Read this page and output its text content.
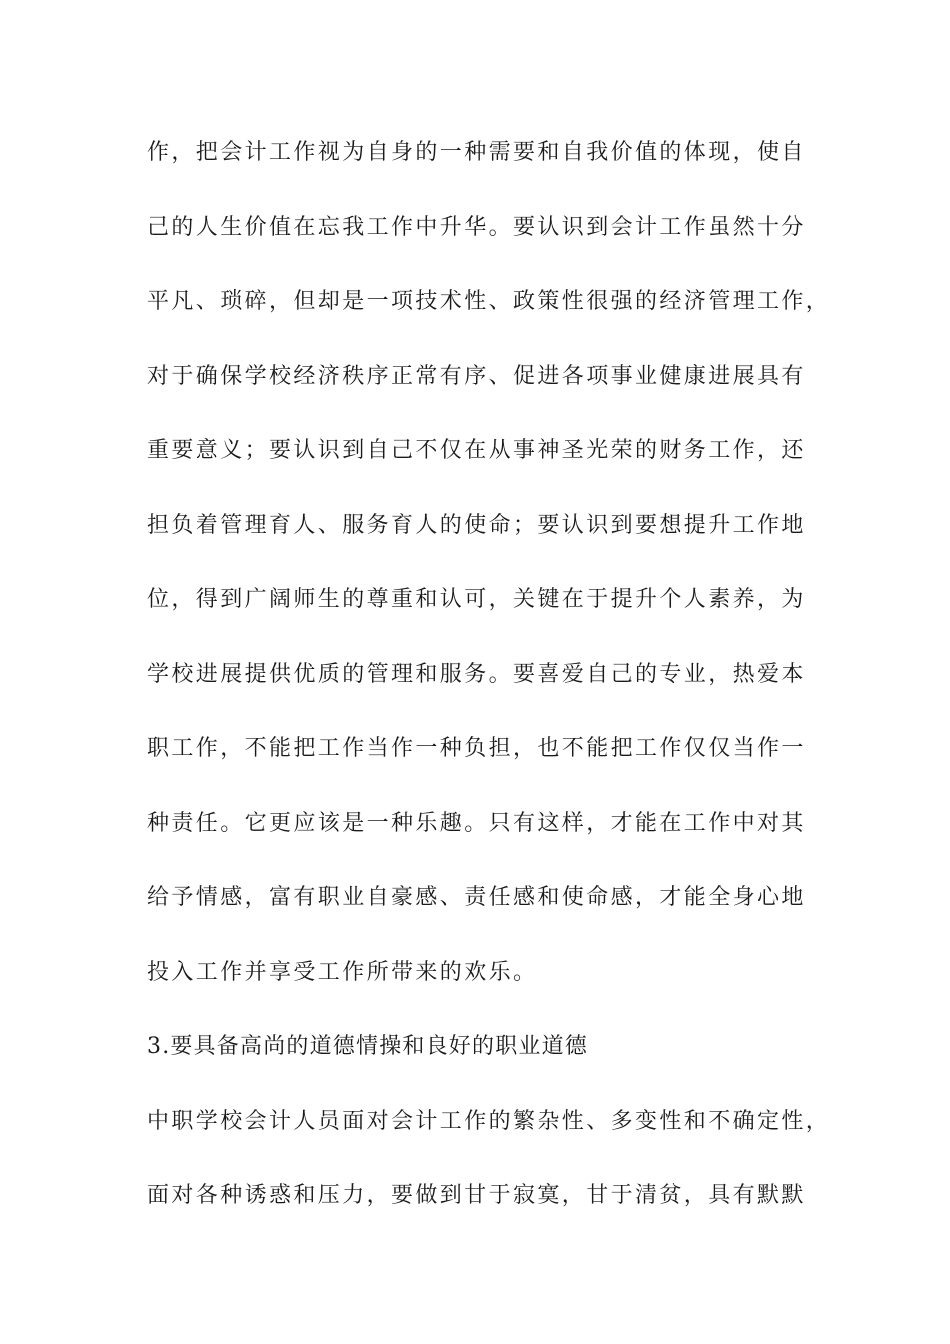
作，把会计工作视为自身的一种需要和自我价值的体现，使自
己的人生价值在忘我工作中升华。要认识到会计工作虽然十分
平凡、琐碎，但却是一项技术性、政策性很强的经济管理工作，
对于确保学校经济秩序正常有序、促进各项事业健康进展具有
重要意义；要认识到自己不仅在从事神圣光荣的财务工作，还
担负着管理育人、服务育人的使命；要认识到要想提升工作地
位，得到广阔师生的尊重和认可，关键在于提升个人素养，为
学校进展提供优质的管理和服务。要喜爱自己的专业，热爱本
职工作，不能把工作当作一种负担，也不能把工作仅仅当作一
种责任。它更应该是一种乐趣。只有这样，才能在工作中对其
给予情感，富有职业自豪感、责任感和使命感，才能全身心地
投入工作并享受工作所带来的欢乐。
3.要具备高尚的道德情操和良好的职业道德
中职学校会计人员面对会计工作的繁杂性、多变性和不确定性，
面对各种诱惑和压力，要做到甘于寂寞，甘于清贫，具有默默
